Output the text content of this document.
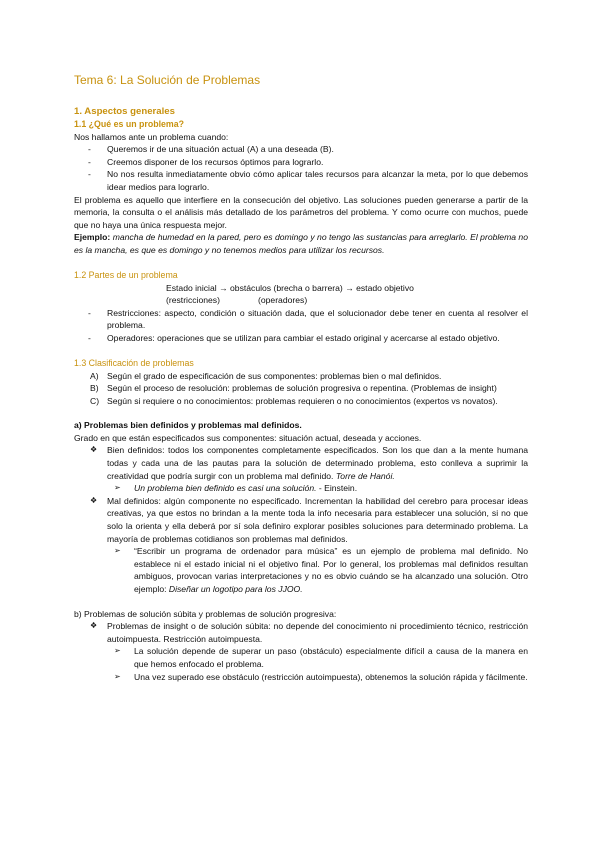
Tema 6: La Solución de Problemas
1. Aspectos generales
1.1 ¿Qué es un problema?
Nos hallamos ante un problema cuando:
-	Queremos ir de una situación actual (A) a una deseada (B).
-	Creemos disponer de los recursos óptimos para lograrlo.
-	No nos resulta inmediatamente obvio cómo aplicar tales recursos para alcanzar la meta, por lo que debemos idear medios para lograrlo.
El problema es aquello que interfiere en la consecución del objetivo. Las soluciones pueden generarse a partir de la memoria, la consulta o el análisis más detallado de los parámetros del problema. Y como ocurre con muchos, puede que no haya una única respuesta mejor.
Ejemplo: mancha de humedad en la pared, pero es domingo y no tengo las sustancias para arreglarlo. El problema no es la mancha, es que es domingo y no tenemos medios para utilizar los recursos.
1.2 Partes de un problema
Estado inicial → obstáculos (brecha o barrera) → estado objetivo
(restricciones)	(operadores)
-	Restricciones: aspecto, condición o situación dada, que el solucionador debe tener en cuenta al resolver el problema.
-	Operadores: operaciones que se utilizan para cambiar el estado original y acercarse al estado objetivo.
1.3 Clasificación de problemas
A) Según el grado de especificación de sus componentes: problemas bien o mal definidos.
B) Según el proceso de resolución: problemas de solución progresiva o repentina. (Problemas de insight)
C) Según si requiere o no conocimientos: problemas requieren o no conocimientos (expertos vs novatos).
a) Problemas bien definidos y problemas mal definidos.
Grado en que están especificados sus componentes: situación actual, deseada y acciones.
❖	Bien definidos: todos los componentes completamente especificados. Son los que dan a la mente humana todas y cada una de las pautas para la solución de determinado problema, esto conlleva a suprimir la creatividad que podría surgir con un problema mal definido. Torre de Hanói.
➢	Un problema bien definido es casi una solución. - Einstein.
❖	Mal definidos: algún componente no especificado. Incrementan la habilidad del cerebro para procesar ideas creativas, ya que estos no brindan a la mente toda la info necesaria para establecer una solución, si no que solo la orienta y ella deberá por sí sola definiro explorar posibles soluciones para determinado problema. La mayoría de problemas cotidianos son problemas mal definidos.
➢	“Escribir un programa de ordenador para música” es un ejemplo de problema mal definido. No establece ni el estado inicial ni el objetivo final. Por lo general, los problemas mal definidos resultan ambiguos, provocan varias interpretaciones y no es obvio cuándo se ha alcanzado una solución. Otro ejemplo: Diseñar un logotipo para los JJOO.
b) Problemas de solución súbita y problemas de solución progresiva:
❖	Problemas de insight o de solución súbita: no depende del conocimiento ni procedimiento técnico, restricción autoimpuesta. Restricción autoimpuesta.
➢	La solución depende de superar un paso (obstáculo) especialmente difícil a causa de la manera en que hemos enfocado el problema.
➢	Una vez superado ese obstáculo (restricción autoimpuesta), obtenemos la solución rápida y fácilmente.
